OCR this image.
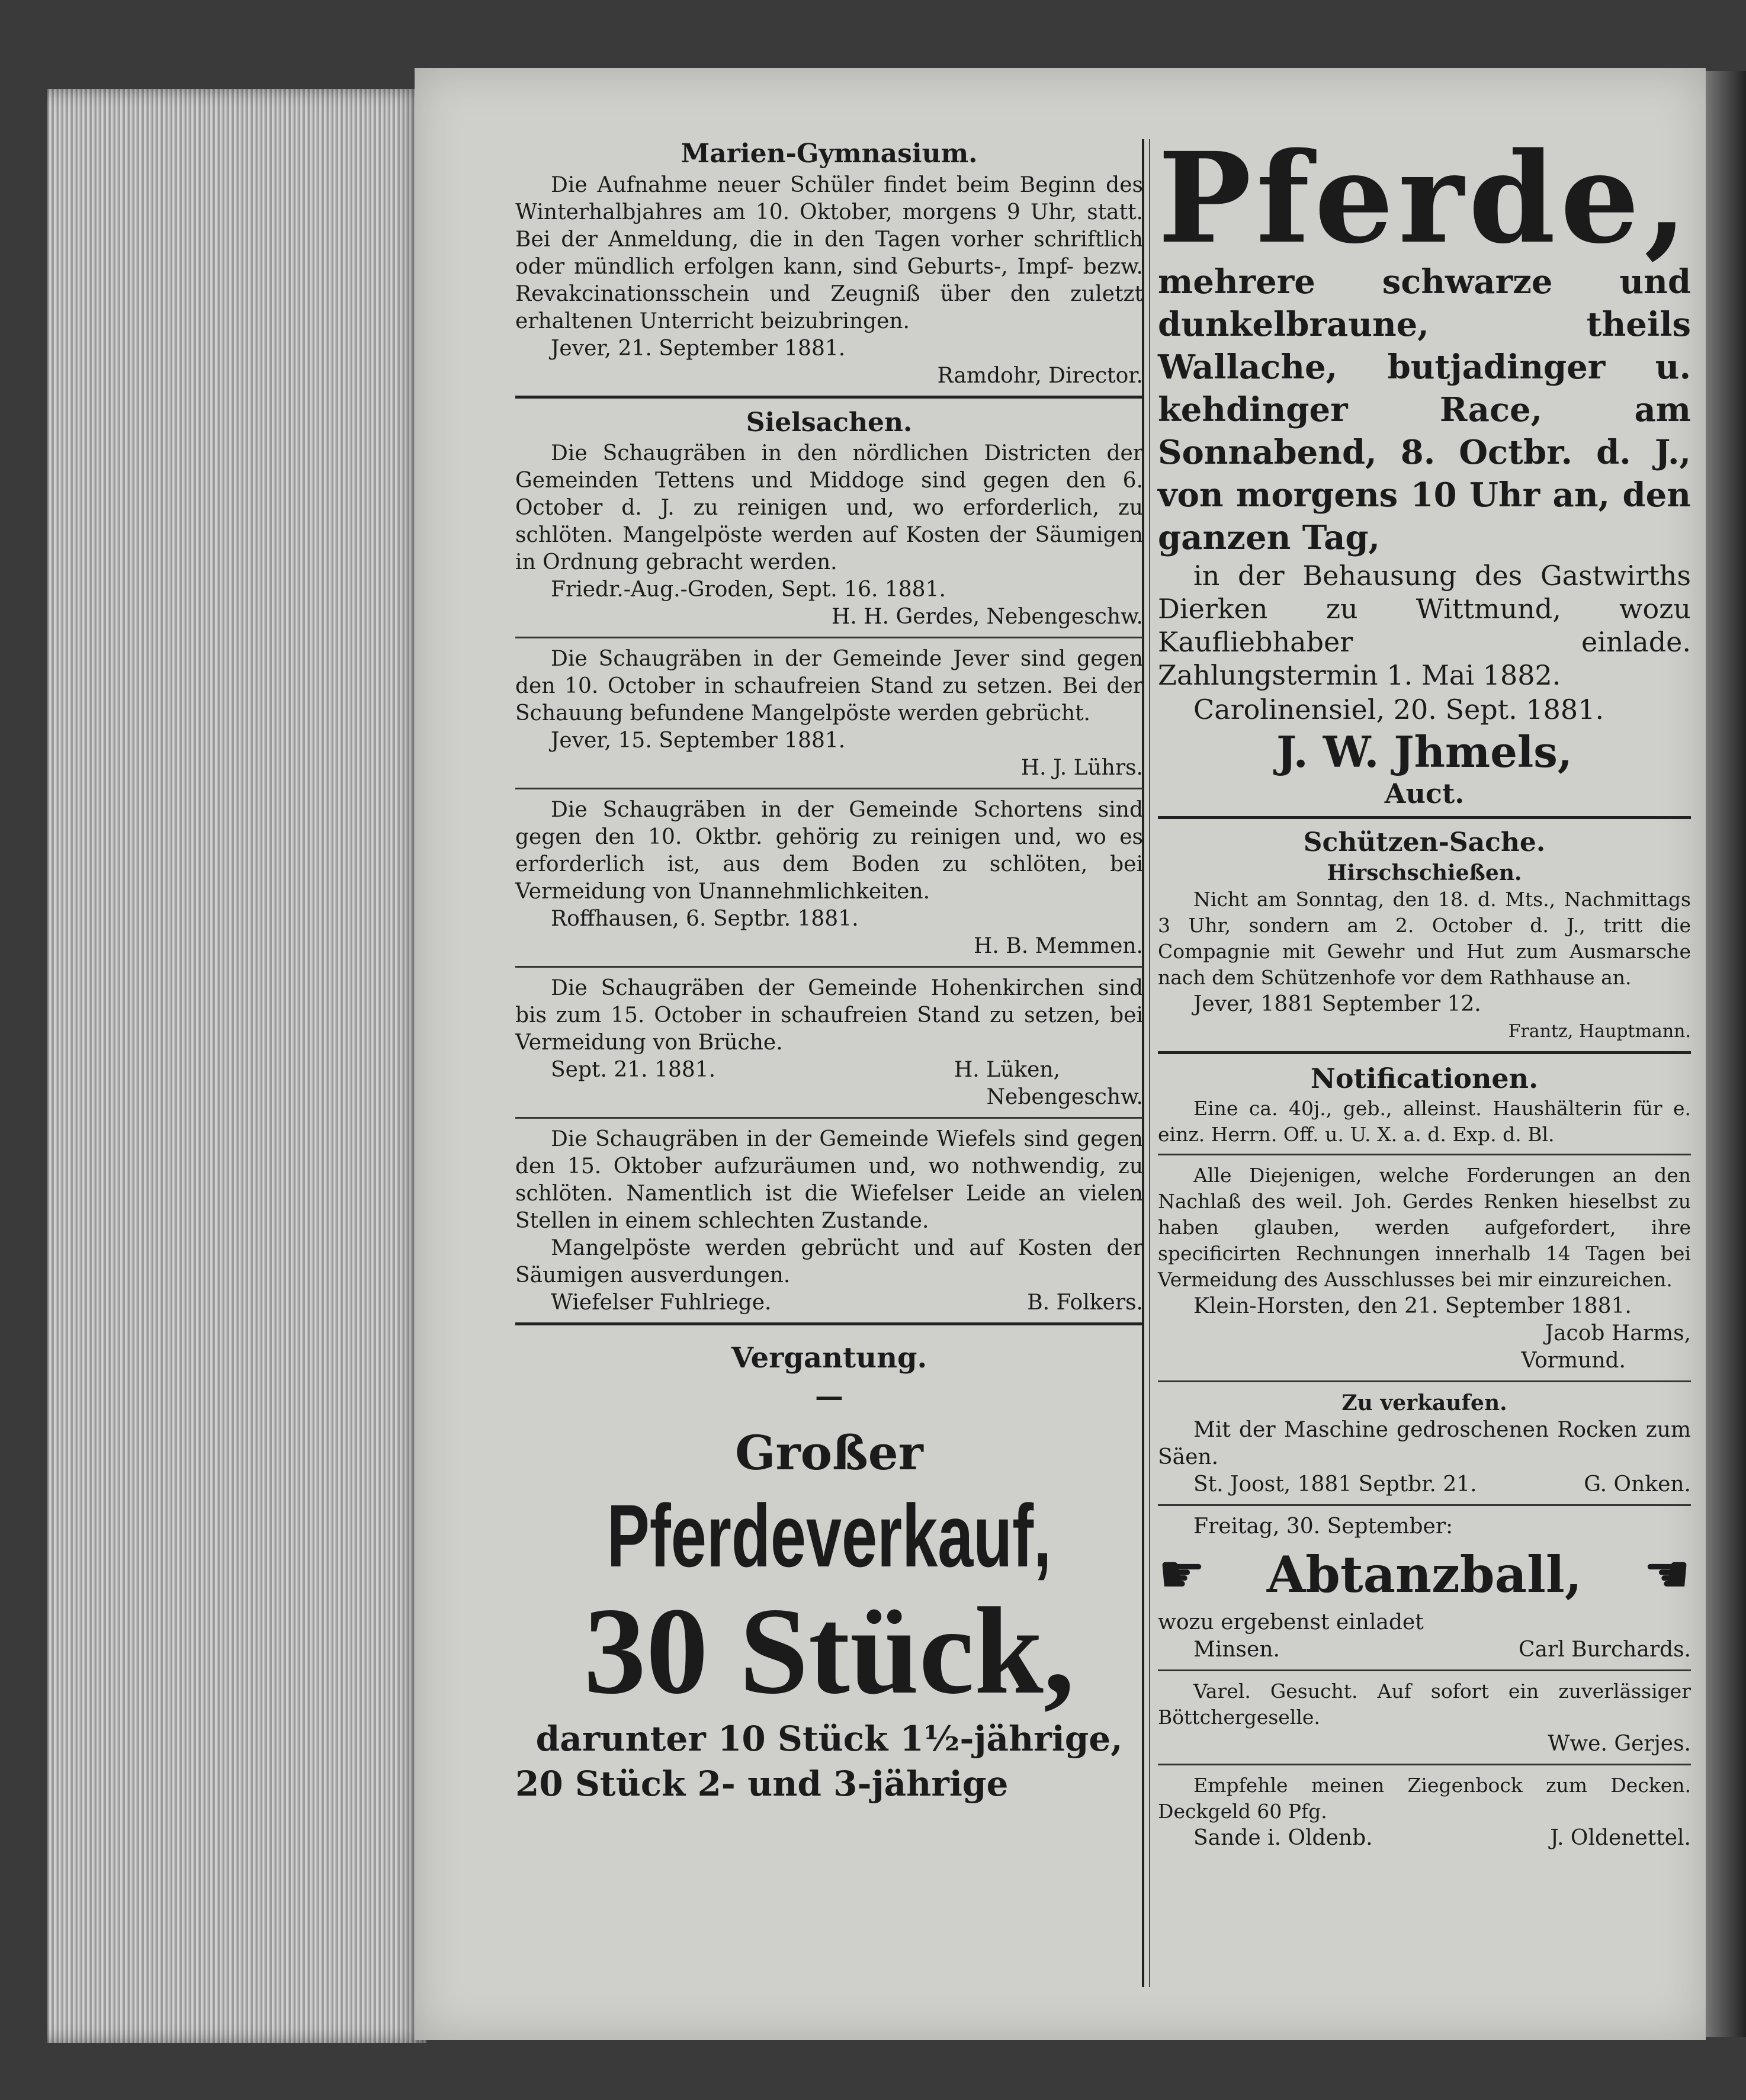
Marien-Gymnasium.

Die Aufnahme neuer Schüler findet beim Beginn des Winterhalbjahres am 10. Oktober, morgens 9 Uhr, statt. Bei der Anmeldung, die in den Tagen vorher schriftlich oder mündlich erfolgen kann, sind Geburts-, Impf- bezw. Revakcinationsschein und Zeugniß über den zuletzt erhaltenen Unterricht beizubringen.

Jever, 21. September 1881.

Ramdohr, Director.

Sielsachen.

Die Schaugräben in den nördlichen Districten der Gemeinden Tettens und Middoge sind gegen den 6. October d. J. zu reinigen und, wo erforderlich, zu schlöten. Mangelpöste werden auf Kosten der Säumigen in Ordnung gebracht werden.

Friedr.-Aug.-Groden, Sept. 16. 1881.

H. H. Gerdes, Nebengeschw.

Die Schaugräben in der Gemeinde Jever sind gegen den 10. October in schaufreien Stand zu setzen. Bei der Schauung befundene Mangelpöste werden gebrücht.

Jever, 15. September 1881.

H. J. Lührs.

Die Schaugräben in der Gemeinde Schortens sind gegen den 10. Oktbr. gehörig zu reinigen und, wo es erforderlich ist, aus dem Boden zu schlöten, bei Vermeidung von Unannehmlichkeiten.

Roffhausen, 6. Septbr. 1881.

H. B. Memmen.

Die Schaugräben der Gemeinde Hohenkirchen sind bis zum 15. October in schaufreien Stand zu setzen, bei Vermeidung von Brüche.

Sept. 21. 1881.	H. Lüken,

Nebengeschw.

Die Schaugräben in der Gemeinde Wiefels sind gegen den 15. Oktober aufzuräumen und, wo nothwendig, zu schlöten. Namentlich ist die Wiefelser Leide an vielen Stellen in einem schlechten Zustande.

Mangelpöste werden gebrücht und auf Kosten der Säumigen ausverdungen.

Wiefelser Fuhlriege.	B. Folkers.
Vergantung.
—
Großer
Pferdeverkauf,
30 Stück,
darunter 10 Stück 1½-jährige,
20 Stück 2- und 3-jährige
Pferde,

mehrere schwarze und dunkelbraune, theils Wallache, butjadinger u. kehdinger Race, am Sonnabend, 8. Octbr. d. J., von morgens 10 Uhr an, den ganzen Tag,

in der Behausung des Gastwirths Dierken zu Wittmund, wozu Kaufliebhaber einlade. Zahlungstermin 1. Mai 1882.

Carolinensiel, 20. Sept. 1881.

J. W. Jhmels,
Auct.
Schützen-Sache.
Hirschschießen.

Nicht am Sonntag, den 18. d. Mts., Nachmittags 3 Uhr, sondern am 2. October d. J., tritt die Compagnie mit Gewehr und Hut zum Ausmarsche nach dem Schützenhofe vor dem Rathhause an.

Jever, 1881 September 12.

Frantz, Hauptmann.

Notificationen.

Eine ca. 40j., geb., alleinst. Haushälterin für e. einz. Herrn. Off. u. U. X. a. d. Exp. d. Bl.

Alle Diejenigen, welche Forderungen an den Nachlaß des weil. Joh. Gerdes Renken hieselbst zu haben glauben, werden aufgefordert, ihre specificirten Rechnungen innerhalb 14 Tagen bei Vermeidung des Ausschlusses bei mir einzureichen.

Klein-Horsten, den 21. September 1881.

Jacob Harms,

Vormund.

Zu verkaufen.

Mit der Maschine gedroschenen Rocken zum Säen.

St. Joost, 1881 Septbr. 21.	G. Onken.

Freitag, 30. September:

☛ Abtanzball, ☚

wozu ergebenst einladet

Minsen.	Carl Burchards.

Varel. Gesucht. Auf sofort ein zuverlässiger Böttchergeselle.

Wwe. Gerjes.

Empfehle meinen Ziegenbock zum Decken. Deckgeld 60 Pfg.

Sande i. Oldenb.	J. Oldenettel.
